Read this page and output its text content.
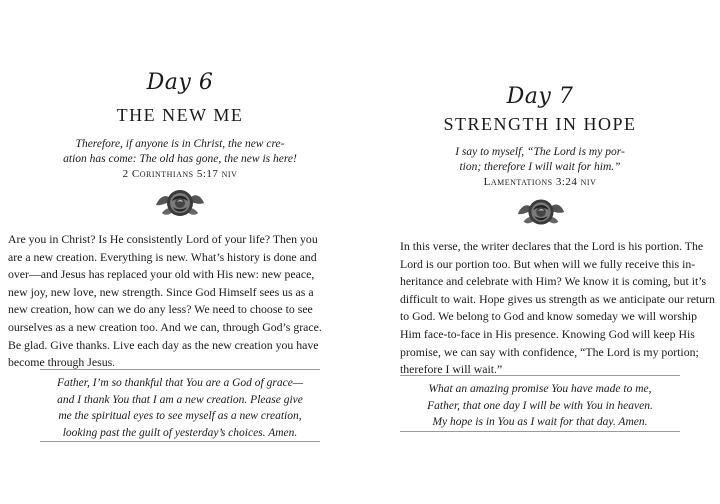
Day 6
THE NEW ME
Therefore, if anyone is in Christ, the new cre-
ation has come: The old has gone, the new is here!
2 Corinthians 5:17 niv
Are you in Christ? Is He consistently Lord of your life? Then you
are a new creation. Everything is new. What’s history is done and
over—and Jesus has replaced your old with His new: new peace,
new joy, new love, new strength. Since God Himself sees us as a
new creation, how can we do any less? We need to choose to see
ourselves as a new creation too. And we can, through God’s grace.
Be glad. Give thanks. Live each day as the new creation you have
become through Jesus.
Father, I’m so thankful that You are a God of grace—
and I thank You that I am a new creation. Please give
me the spiritual eyes to see myself as a new creation,
looking past the guilt of yesterday’s choices. Amen.
Day 7
STRENGTH IN HOPE
I say to myself, “The Lord is my por-
tion; therefore I will wait for him.”
Lamentations 3:24 niv
In this verse, the writer declares that the Lord is his portion. The
Lord is our portion too. But when will we fully receive this in-
heritance and celebrate with Him? We know it is coming, but it’s
difficult to wait. Hope gives us strength as we anticipate our return
to God. We belong to God and know someday we will worship
Him face-to-face in His presence. Knowing God will keep His
promise, we can say with confidence, “The Lord is my portion;
therefore I will wait.”
What an amazing promise You have made to me,
Father, that one day I will be with You in heaven.
My hope is in You as I wait for that day. Amen.
